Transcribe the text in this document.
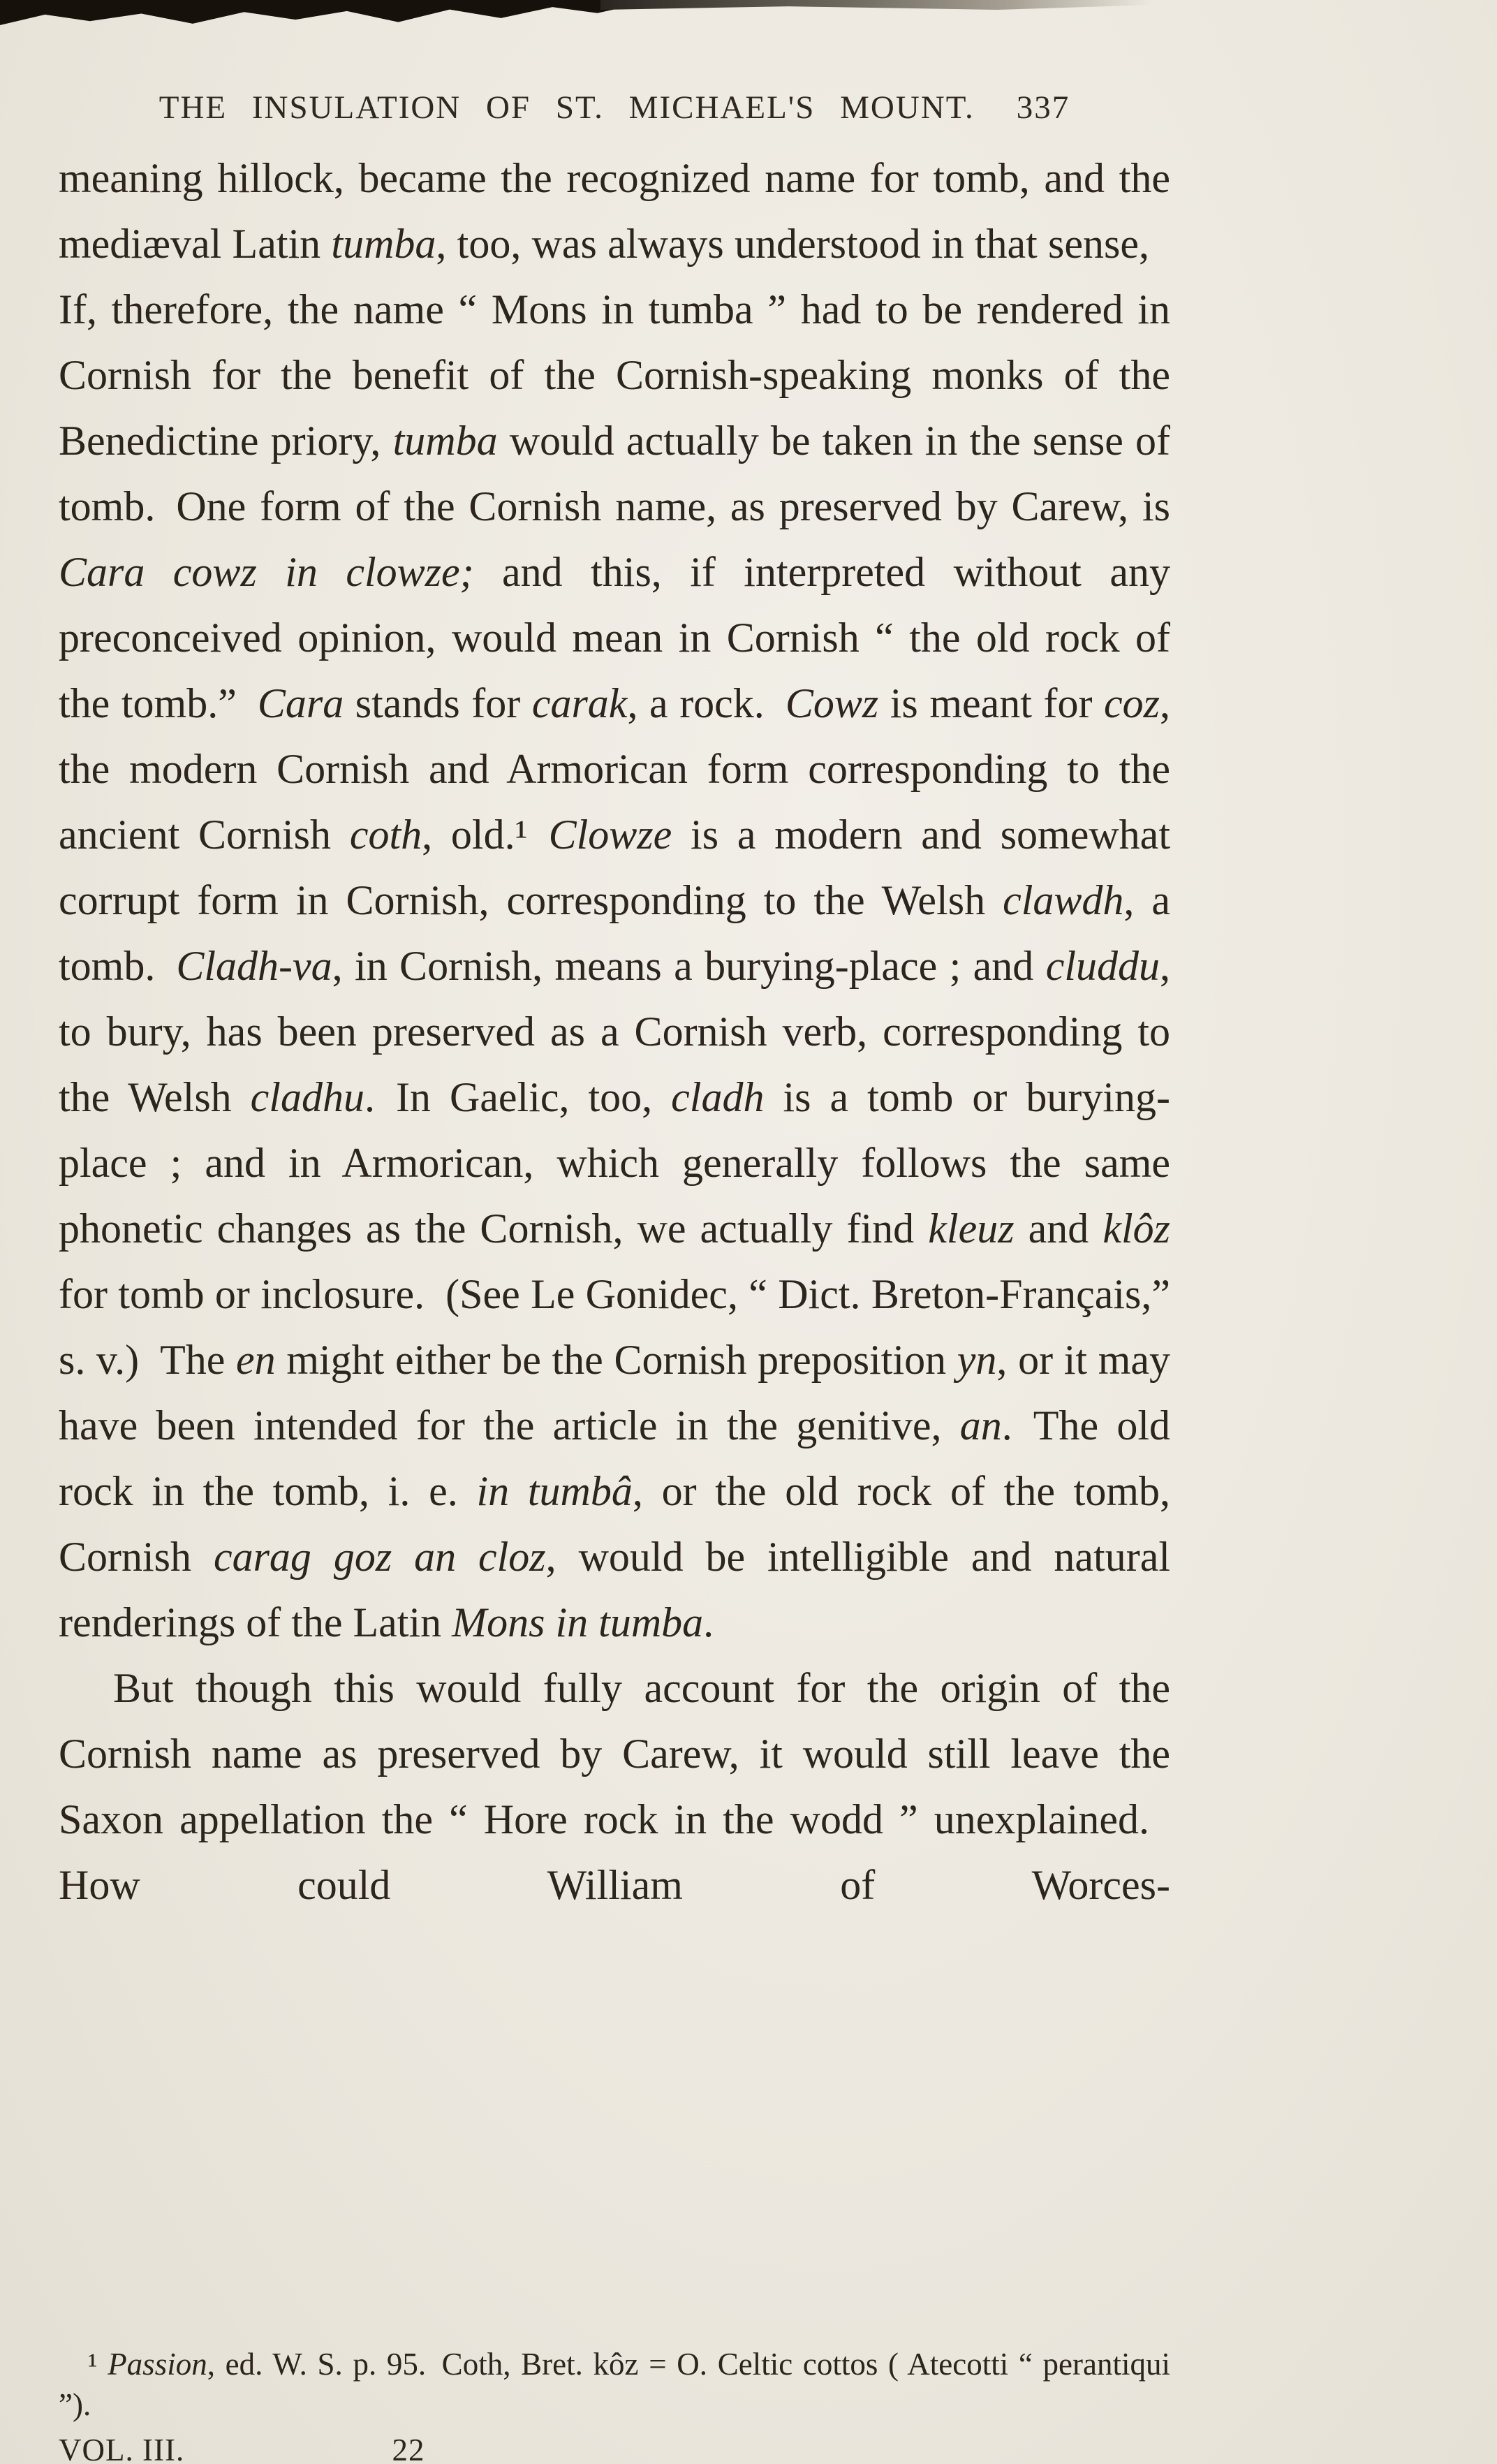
THE INSULATION OF ST. MICHAEL'S MOUNT. 337

meaning hillock, became the recognized name for tomb, and the mediæval Latin tumba, too, was always understood in that sense, If, therefore, the name “ Mons in tumba ” had to be rendered in Cornish for the benefit of the Cornish-speaking monks of the Benedictine priory, tumba would actually be taken in the sense of tomb. One form of the Cornish name, as preserved by Carew, is Cara cowz in clowze; and this, if interpreted without any preconceived opinion, would mean in Cornish “ the old rock of the tomb.” Cara stands for carak, a rock. Cowz is meant for coz, the modern Cornish and Armorican form corresponding to the ancient Cornish coth, old.¹ Clowze is a modern and somewhat corrupt form in Cornish, corresponding to the Welsh clawdh, a tomb. Cladh-va, in Cornish, means a burying-place ; and cluddu, to bury, has been preserved as a Cornish verb, corresponding to the Welsh cladhu. In Gaelic, too, cladh is a tomb or burying-place ; and in Armorican, which generally follows the same phonetic changes as the Cornish, we actually find kleuz and klôz for tomb or inclosure. (See Le Gonidec, “ Dict. Breton-Français,” s. v.) The en might either be the Cornish preposition yn, or it may have been intended for the article in the genitive, an. The old rock in the tomb, i. e. in tumbâ, or the old rock of the tomb, Cornish carag goz an cloz, would be intelligible and natural renderings of the Latin Mons in tumba.

But though this would fully account for the origin of the Cornish name as preserved by Carew, it would still leave the Saxon appellation the “ Hore rock in the wodd ” unexplained. How could William of Worces-

¹ Passion, ed. W. S. p. 95. Coth, Bret. kôz = O. Celtic cottos ( Atecotti “ perantiqui ”).

VOL. III.	22
